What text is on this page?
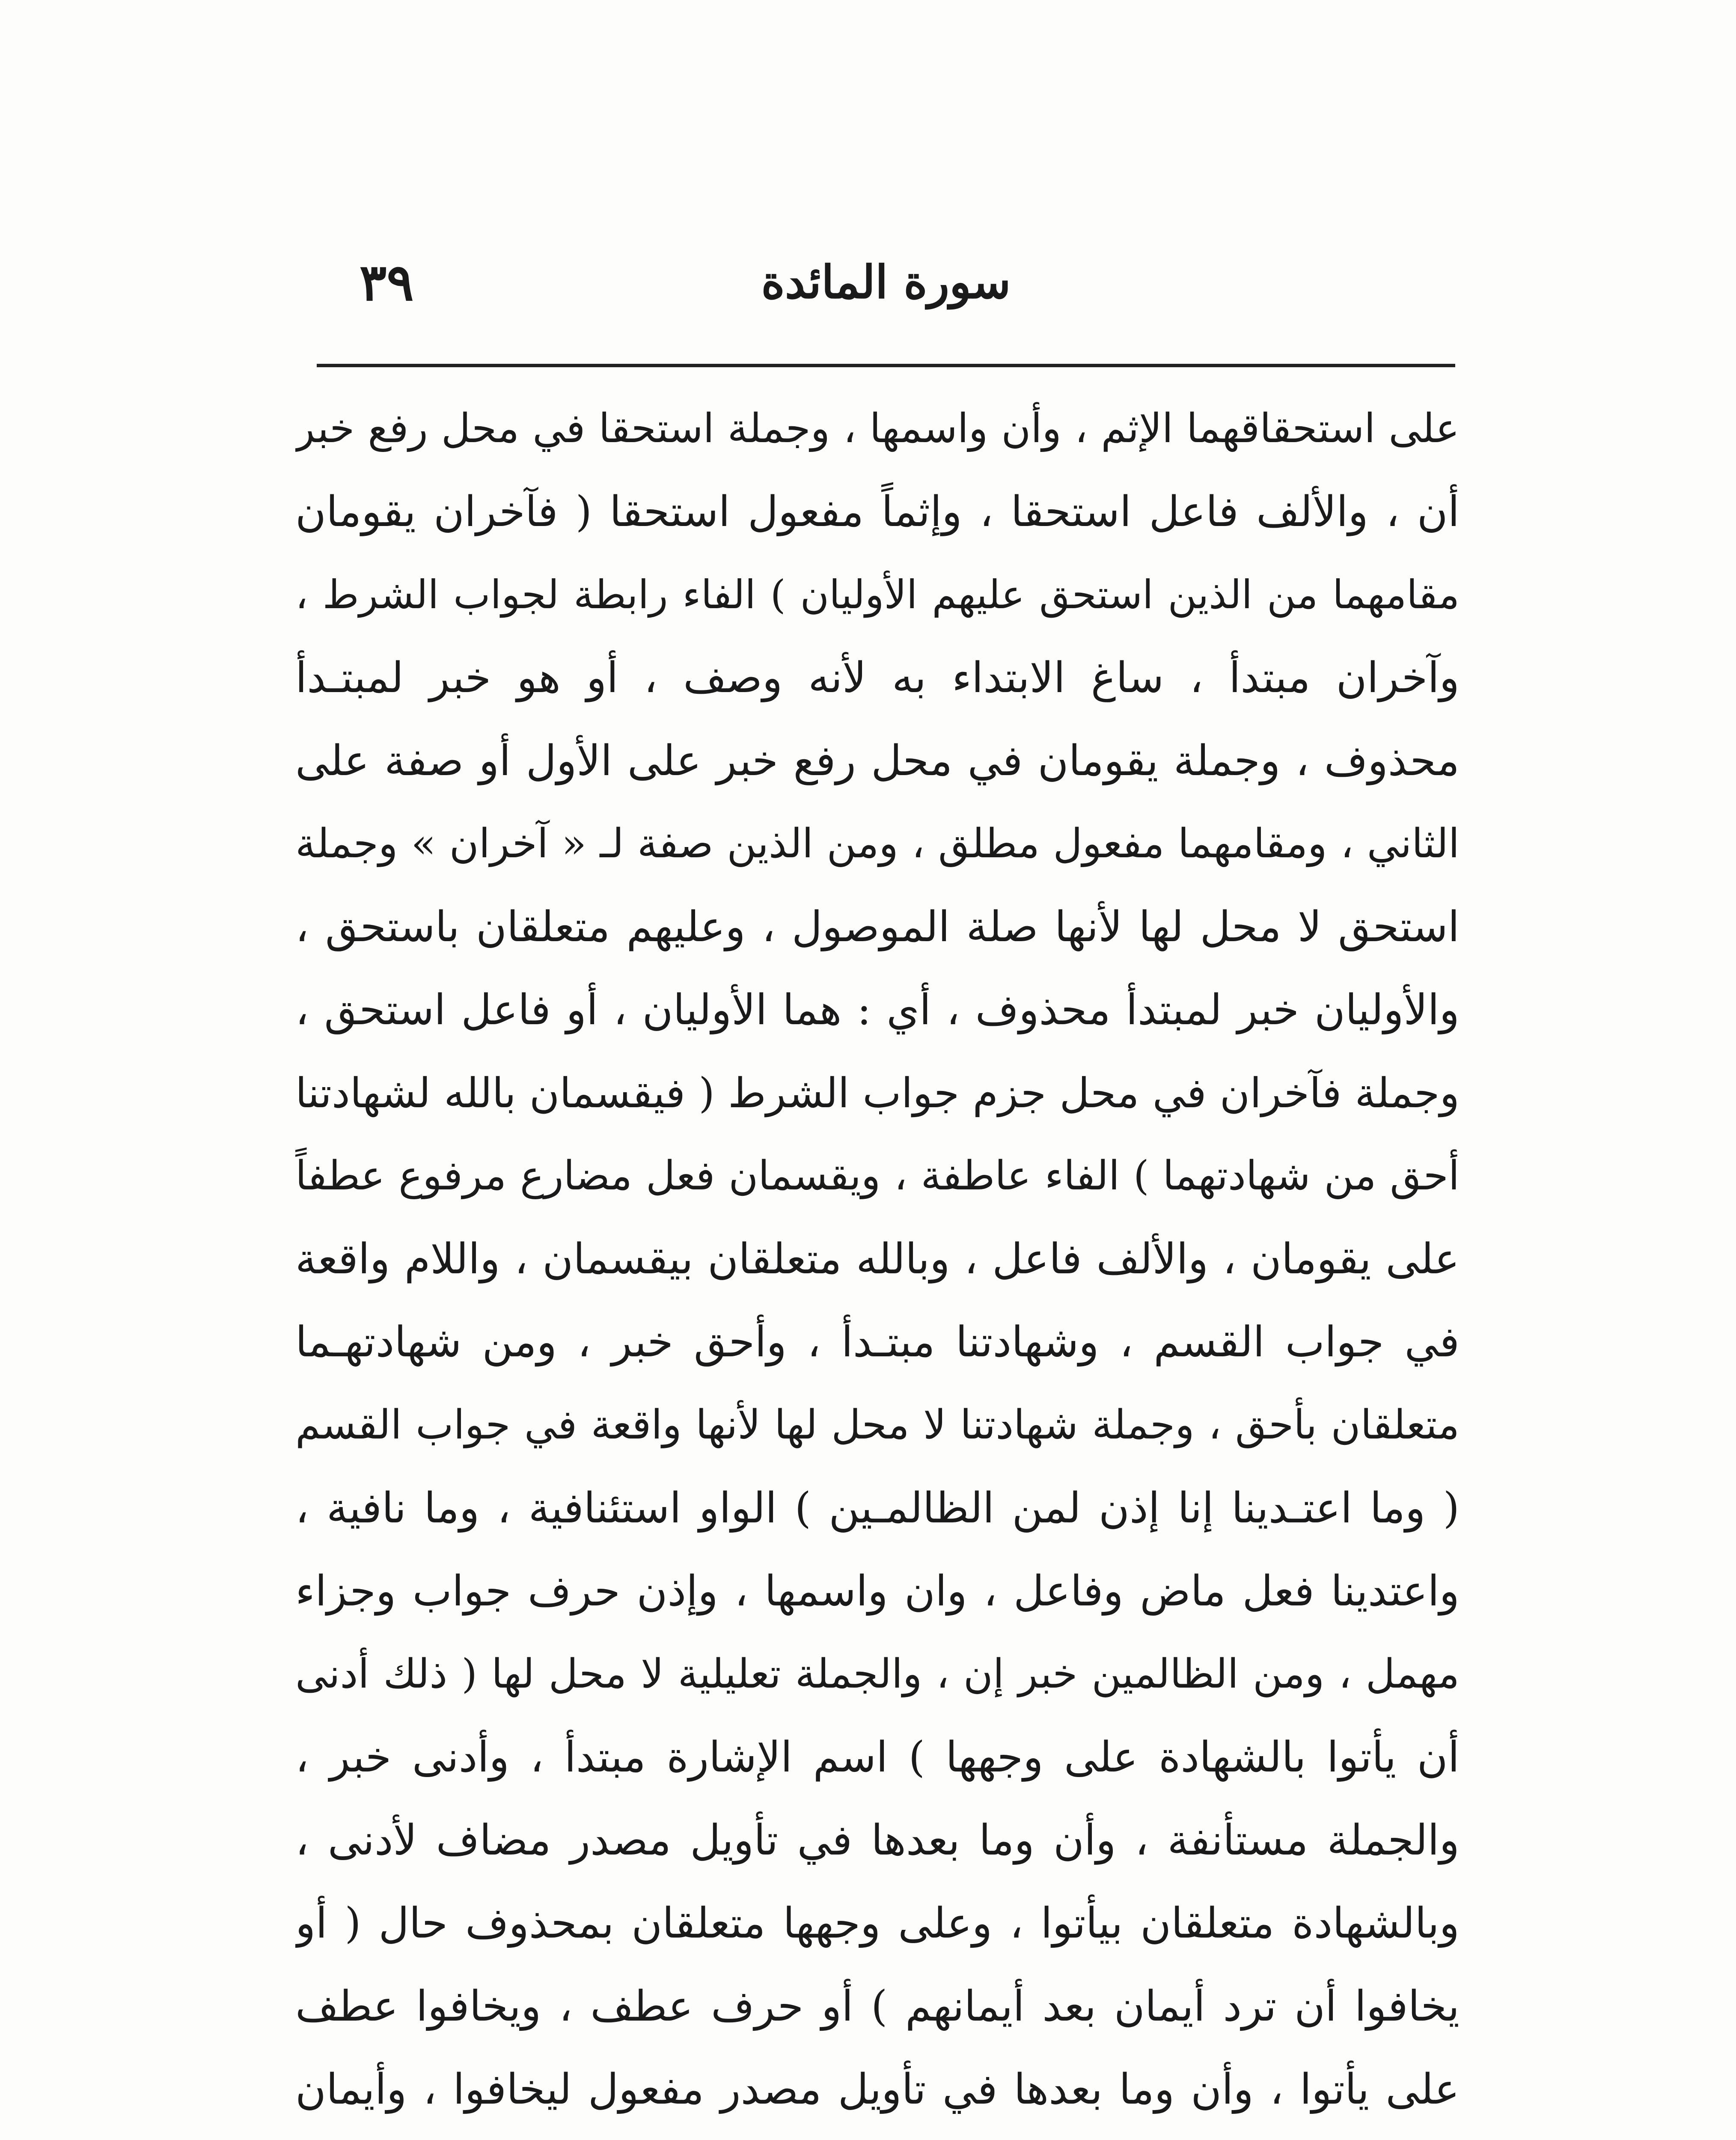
٣٩	سورة المائدة
على استحقاقهما الإثم ، وأن واسمها ، وجملة استحقا في محل رفع خبر
أن ، والألف فاعل استحقا ، وإثماً مفعول استحقا ( فآخران يقومان
مقامهما من الذين استحق عليهم الأوليان ) الفاء رابطة لجواب الشرط ،
وآخران مبتدأ ، ساغ الابتداء به لأنه وصف ، أو هو خبر لمبتـدأ
محذوف ، وجملة يقومان في محل رفع خبر على الأول أو صفة على
الثاني ، ومقامهما مفعول مطلق ، ومن الذين صفة لـ « آخران » وجملة
استحق لا محل لها لأنها صلة الموصول ، وعليهم متعلقان باستحق ،
والأوليان خبر لمبتدأ محذوف ، أي : هما الأوليان ، أو فاعل استحق ،
وجملة فآخران في محل جزم جواب الشرط ( فيقسمان بالله لشهادتنا
أحق من شهادتهما ) الفاء عاطفة ، ويقسمان فعل مضارع مرفوع عطفاً
على يقومان ، والألف فاعل ، وبالله متعلقان بيقسمان ، واللام واقعة
في جواب القسم ، وشهادتنا مبتـدأ ، وأحق خبر ، ومن شهادتهـما
متعلقان بأحق ، وجملة شهادتنا لا محل لها لأنها واقعة في جواب القسم
( وما اعتـدينا إنا إذن لمن الظالمـين ) الواو استئنافية ، وما نافية ،
واعتدينا فعل ماض وفاعل ، وان واسمها ، وإذن حرف جواب وجزاء
مهمل ، ومن الظالمين خبر إن ، والجملة تعليلية لا محل لها ( ذلك أدنى
أن يأتوا بالشهادة على وجهها ) اسم الإشارة مبتدأ ، وأدنى خبر ،
والجملة مستأنفة ، وأن وما بعدها في تأويل مصدر مضاف لأدنى ،
وبالشهادة متعلقان بيأتوا ، وعلى وجهها متعلقان بمحذوف حال ( أو
يخافوا أن ترد أيمان بعد أيمانهم ) أو حرف عطف ، ويخافوا عطف
على يأتوا ، وأن وما بعدها في تأويل مصدر مفعول ليخافوا ، وأيمان
